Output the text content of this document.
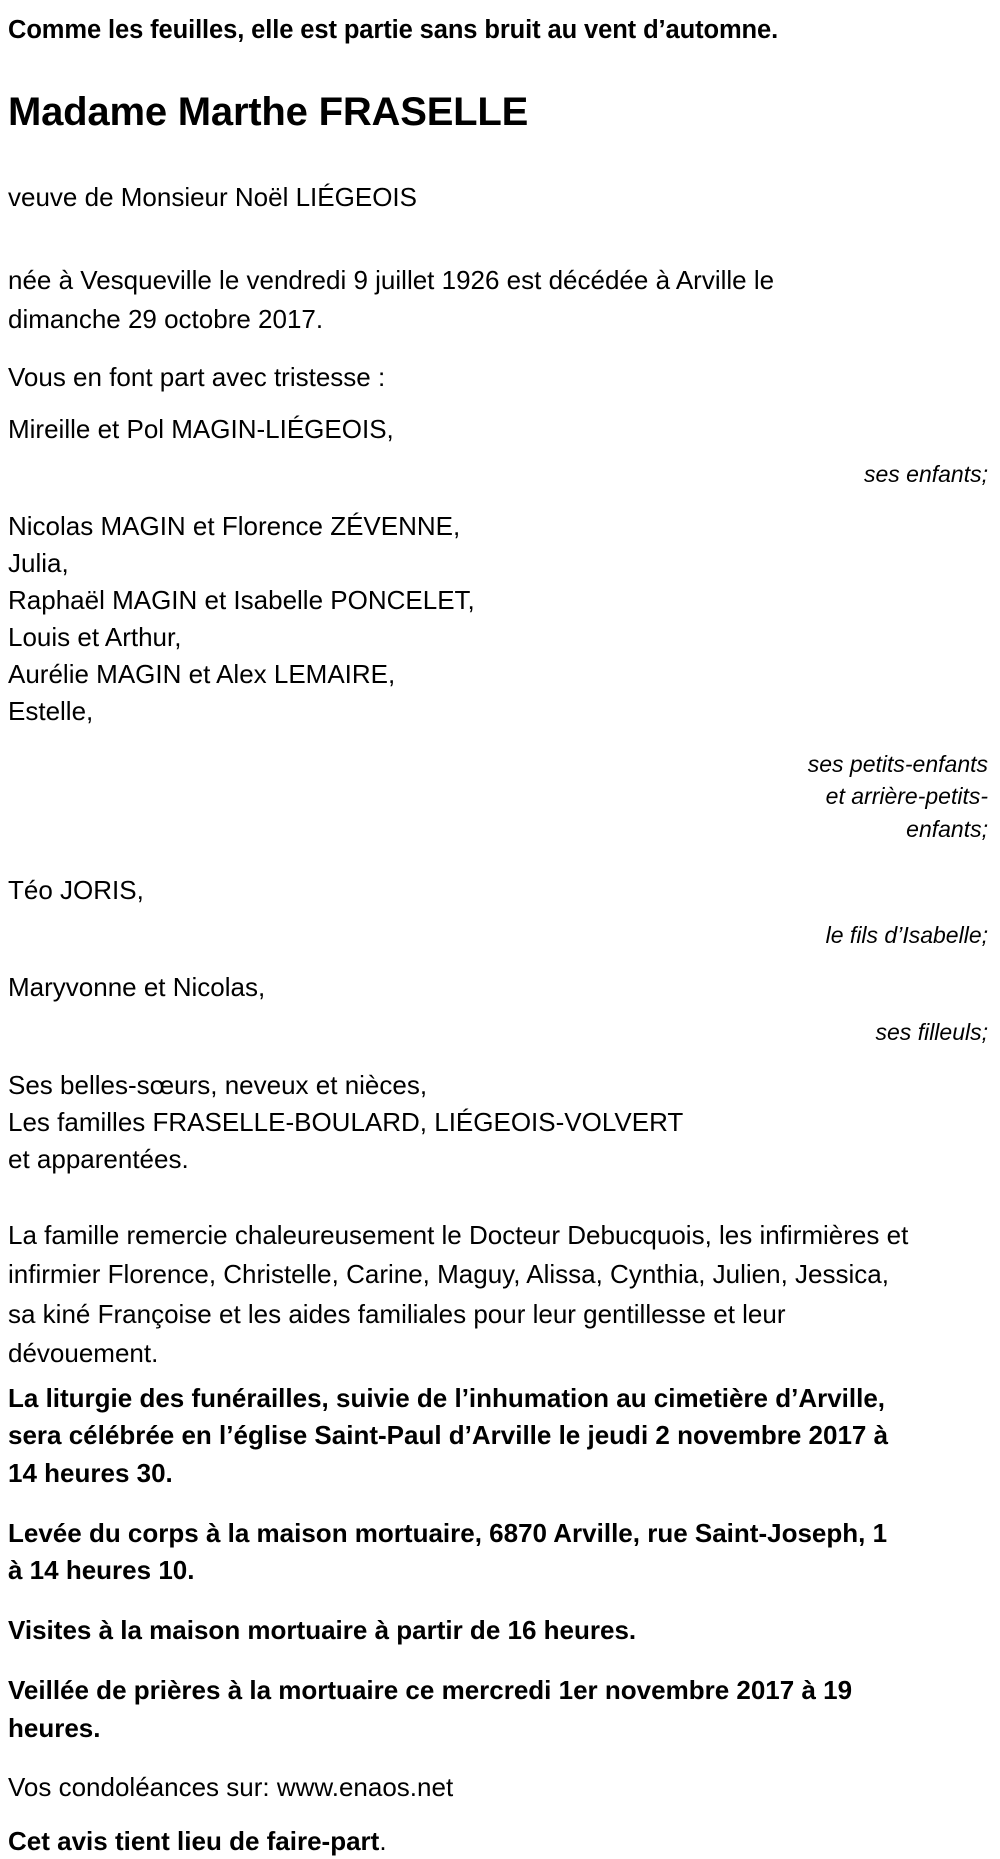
Comme les feuilles, elle est partie sans bruit au vent d’automne.

Madame Marthe FRASELLE

veuve de Monsieur Noël LIÉGEOIS

née à Vesqueville le vendredi 9 juillet 1926 est décédée à Arville le dimanche 29 octobre 2017.

Vous en font part avec tristesse :

Mireille et Pol MAGIN-LIÉGEOIS,
ses enfants;
Nicolas MAGIN et Florence ZÉVENNE,
Julia,
Raphaël MAGIN et Isabelle PONCELET,
Louis et Arthur,
Aurélie MAGIN et Alex LEMAIRE,
Estelle,
ses petits-enfants
et arrière-petits-
enfants;
Téo JORIS,
le fils d’Isabelle;
Maryvonne et Nicolas,
ses filleuls;
Ses belles-sœurs, neveux et nièces,
Les familles FRASELLE-BOULARD, LIÉGEOIS-VOLVERT
et apparentées.

La famille remercie chaleureusement le Docteur Debucquois, les infirmières et infirmier Florence, Christelle, Carine, Maguy, Alissa, Cynthia, Julien, Jessica, sa kiné Françoise et les aides familiales pour leur gentillesse et leur dévouement.

La liturgie des funérailles, suivie de l’inhumation au cimetière d’Arville, sera célébrée en l’église Saint-Paul d’Arville le jeudi 2 novembre 2017 à 14 heures 30.

Levée du corps à la maison mortuaire, 6870 Arville, rue Saint-Joseph, 1 à 14 heures 10.

Visites à la maison mortuaire à partir de 16 heures.

Veillée de prières à la mortuaire ce mercredi 1er novembre 2017 à 19 heures.

Vos condoléances sur: www.enaos.net

Cet avis tient lieu de faire-part.
